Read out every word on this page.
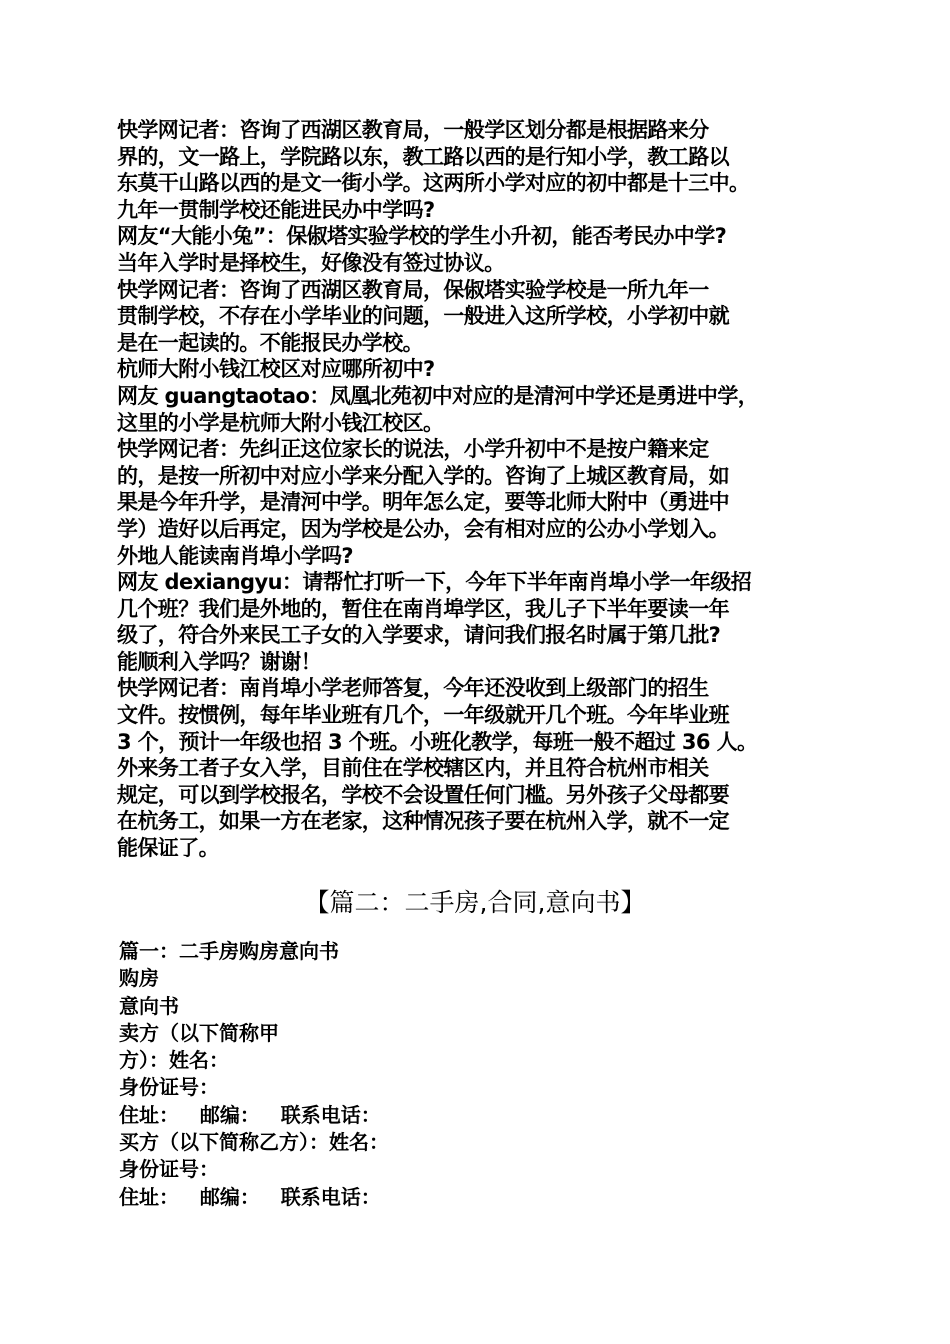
快学网记者：咨询了西湖区教育局，一般学区划分都是根据路来分

界的，文一路上，学院路以东，教工路以西的是行知小学，教工路以

东莫干山路以西的是文一街小学。这两所小学对应的初中都是十三中。

九年一贯制学校还能进民办中学吗?

网友“大能小兔”：保俶塔实验学校的学生小升初，能否考民办中学?

当年入学时是择校生，好像没有签过协议。

快学网记者：咨询了西湖区教育局，保俶塔实验学校是一所九年一

贯制学校，不存在小学毕业的问题，一般进入这所学校，小学初中就

是在一起读的。不能报民办学校。

杭师大附小钱江校区对应哪所初中?

网友 guangtaotao：凤凰北苑初中对应的是清河中学还是勇进中学，

这里的小学是杭师大附小钱江校区。

快学网记者：先纠正这位家长的说法，小学升初中不是按户籍来定

的，是按一所初中对应小学来分配入学的。咨询了上城区教育局，如

果是今年升学，是清河中学。明年怎么定，要等北师大附中（勇进中

学）造好以后再定，因为学校是公办，会有相对应的公办小学划入。

外地人能读南肖埠小学吗?

网友 dexiangyu：请帮忙打听一下，今年下半年南肖埠小学一年级招

几个班？我们是外地的，暂住在南肖埠学区，我儿子下半年要读一年

级了，符合外来民工子女的入学要求，请问我们报名时属于第几批?

能顺利入学吗？谢谢！

快学网记者：南肖埠小学老师答复，今年还没收到上级部门的招生

文件。按惯例，每年毕业班有几个，一年级就开几个班。今年毕业班

3 个，预计一年级也招 3 个班。小班化教学，每班一般不超过 36 人。

外来务工者子女入学，目前住在学校辖区内，并且符合杭州市相关

规定，可以到学校报名，学校不会设置任何门槛。另外孩子父母都要

在杭务工，如果一方在老家，这种情况孩子要在杭州入学，就不一定

能保证了。

【篇二：二手房,合同,意向书】

篇一：二手房购房意向书

购房

意向书

卖方（以下简称甲

方）：姓名：

身份证号：

住址：   邮编：   联系电话：

买方（以下简称乙方）：姓名：

身份证号：

住址：   邮编：   联系电话：
